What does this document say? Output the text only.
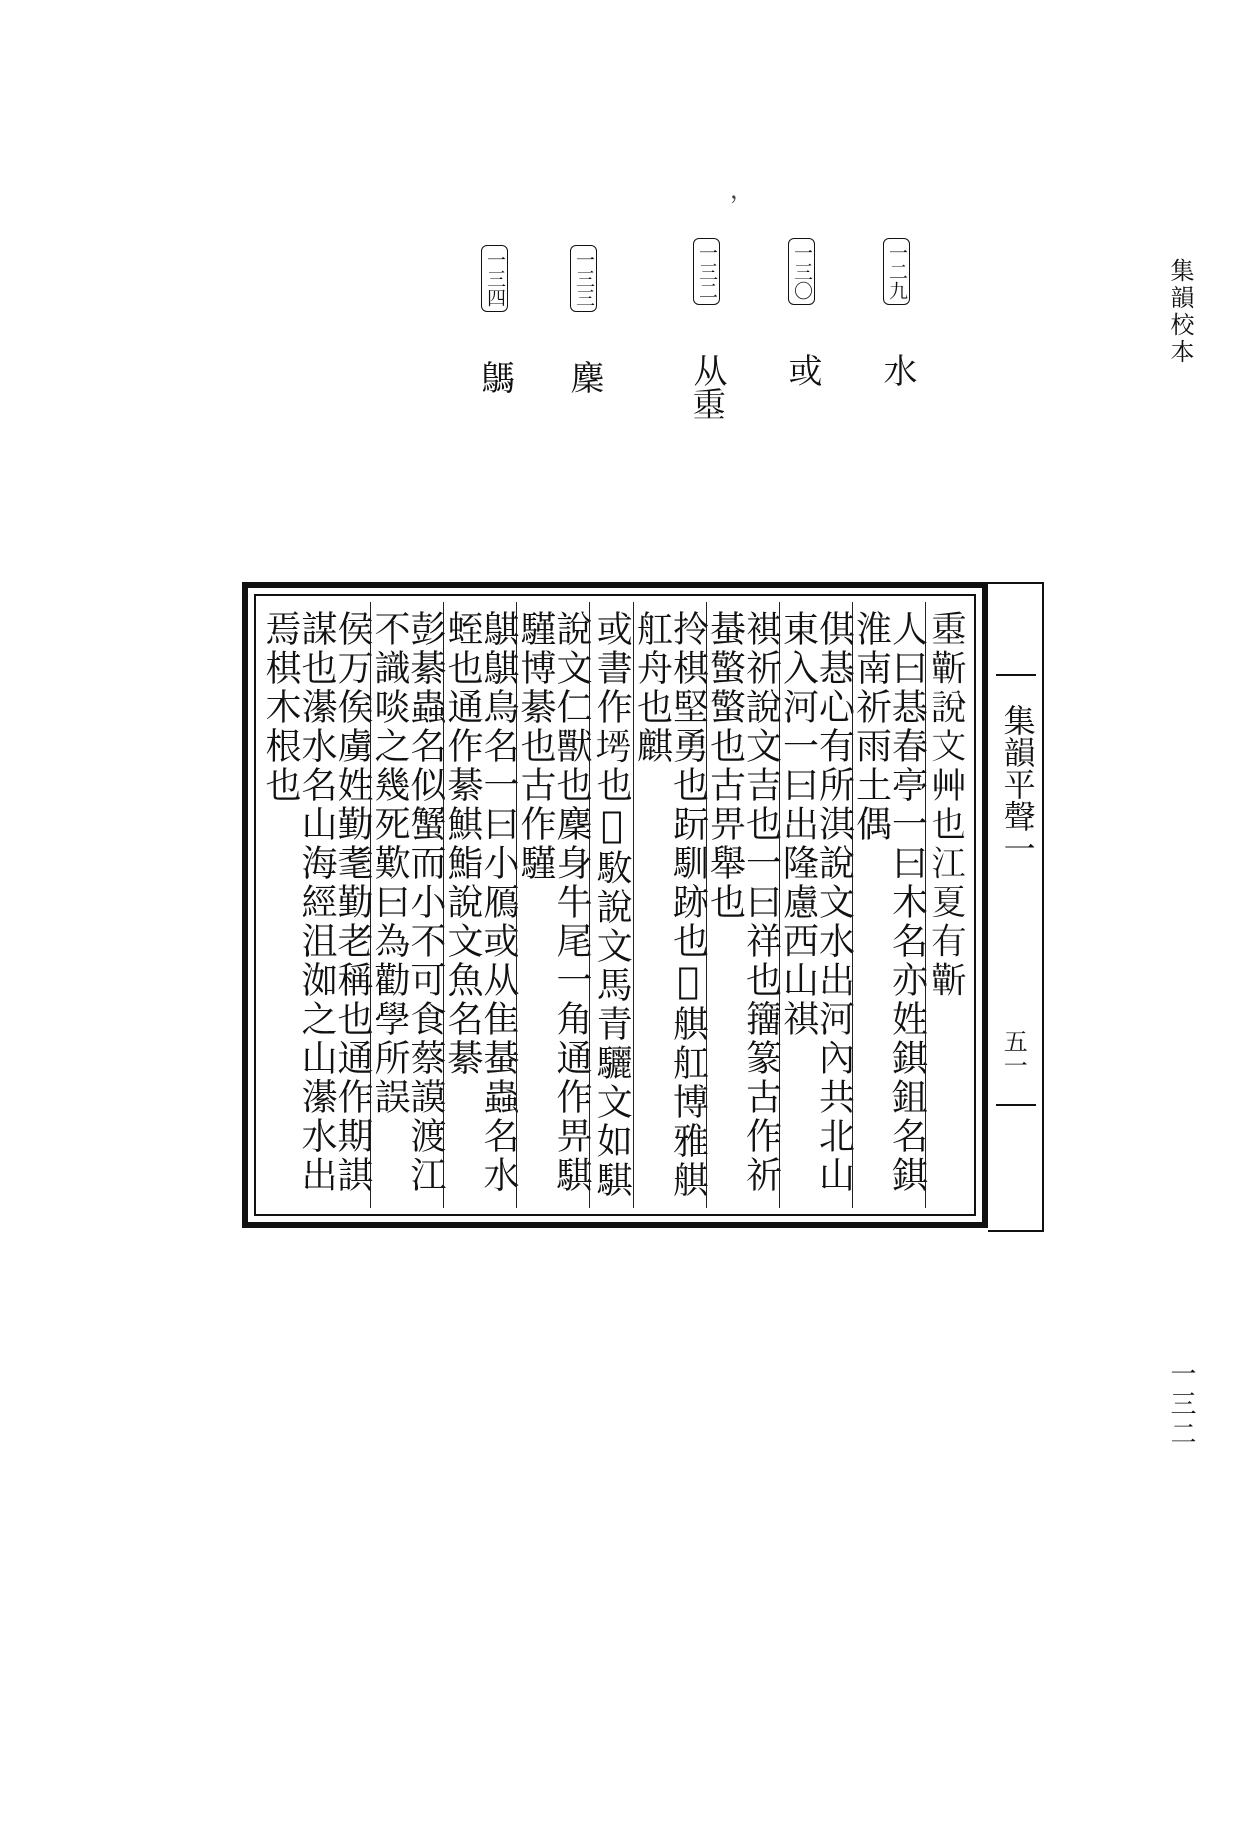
集韻校本
一三二
，
一二九 水
一三〇 或
一三二 从𡍴
一三三 麇
一三四 鷌
集韻平聲一
五一
𡍴蘄說文艸也江夏有蘄
人曰惎春亭一曰木名亦姓錤鉏名錤淮南祈雨土偶
倛惎心有所淇說文水出河內共北山東入河一曰出隆慮西山祺
褀祈說文吉也一曰祥也籒篆古作祈蜝蟼蟼也古畀舉也
拎棋堅勇也䟚馴跡也𩵉䑴舡博雅䑴舡舟也麒
或書作𡌱也𩨇駇說文馬青驪文如騏
說文仁獸也麇身牛尾一角通作畀騏騹博綦也古作騹
鶀鶀鳥名一曰小鴈或从隹蜝蟲名水蛭也通作綦鯕鮨說文魚名綦
彭綦蟲名似蟹而小不可食蔡謨渡江不識啖之幾死歎曰為勸學所誤
侯万俟虜姓勤耄勤老稱也通作期諆謀也濝水名山海經沮洳之山濝水出焉棋木根也
